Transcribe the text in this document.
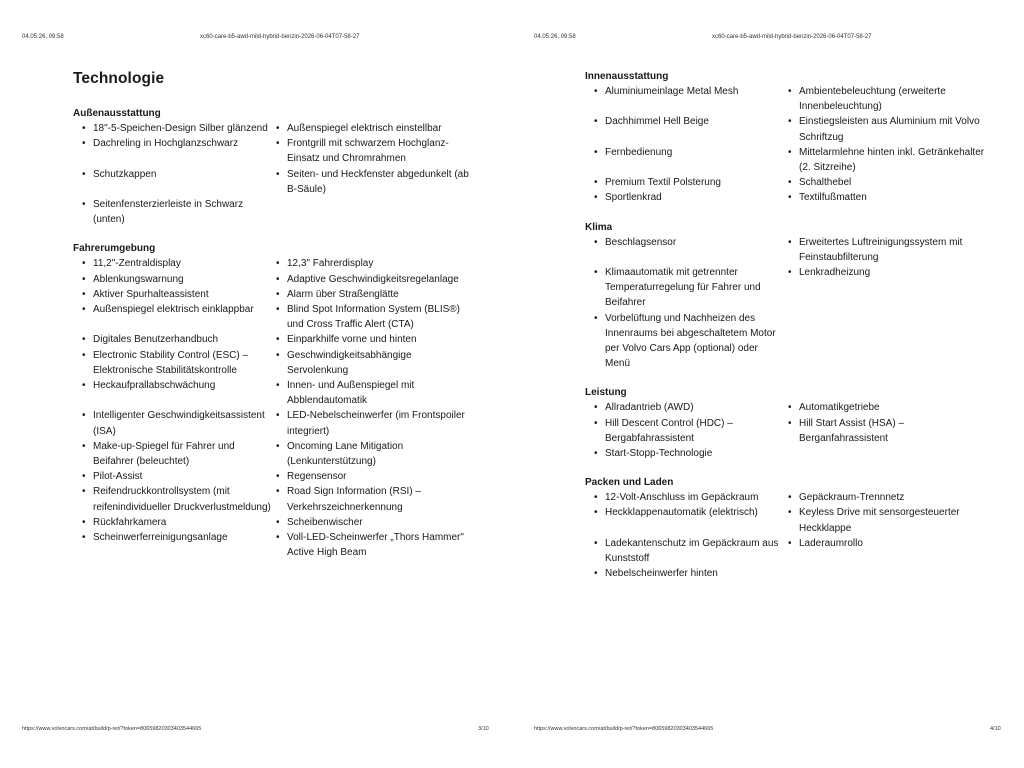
04.05.26, 09:58	xc60-care-b5-awd-mild-hybrid-benzin-2026-06-04T07-58-27
Technologie
Außenausstattung
• 18"-5-Speichen-Design Silber glänzend	• Außenspiegel elektrisch einstellbar
• Dachreling in Hochglanzschwarz	• Frontgrill mit schwarzem Hochglanz-Einsatz und Chromrahmen
• Schutzkappen	• Seiten- und Heckfenster abgedunkelt (ab B-Säule)
• Seitenfensterzierleiste in Schwarz (unten)
Fahrerumgebung
• 11,2"-Zentraldisplay	• 12,3" Fahrerdisplay
• Ablenkungswarnung	• Adaptive Geschwindigkeitsregelanlage
• Aktiver Spurhalteassistent	• Alarm über Straßenglätte
• Außenspiegel elektrisch einklappbar	• Blind Spot Information System (BLIS®) und Cross Traffic Alert (CTA)
• Digitales Benutzerhandbuch	• Einparkhilfe vorne und hinten
• Electronic Stability Control (ESC) – Elektronische Stabilitätskontrolle
• Geschwindigkeitsabhängige Servolenkung
• Heckaufprallabschwächung	• Innen- und Außenspiegel mit Abblendautomatik
• Intelligenter Geschwindigkeitsassistent (ISA)
• LED-Nebelscheinwerfer (im Frontspoiler integriert)
• Make-up-Spiegel für Fahrer und Beifahrer (beleuchtet)
• Oncoming Lane Mitigation (Lenkunterstützung)
• Pilot-Assist	• Regensensor
• Reifendruckkontrollsystem (mit reifenindividueller Druckverlustmeldung)
• Road Sign Information (RSI) – Verkehrszeichnerkennung
• Rückfahrkamera	• Scheibenwischer
• Scheinwerferreinigungsanlage	• Voll-LED-Scheinwerfer „Thors Hammer" Active High Beam
https://www.volvocars.com/at/build/p-ret/?token=80659820303403544665	3/10
04.05.26, 09:58	xc60-care-b5-awd-mild-hybrid-benzin-2026-06-04T07-58-27
Innenausstattung
• Aluminiumeinlage Metal Mesh	• Ambientebeleuchtung (erweiterte Innenbeleuchtung)
• Dachhimmel Hell Beige	• Einstiegsleisten aus Aluminium mit Volvo Schriftzug
• Fernbedienung	• Mittelarmlehne hinten inkl. Getränkehalter (2. Sitzreihe)
• Premium Textil Polsterung	• Schalthebel
• Sportlenkrad	• Textilfußmatten
Klima
• Beschlagsensor	• Erweitertes Luftreinigungssystem mit Feinstaubfilterung
• Klimaautomatik mit getrennter Temperaturregelung für Fahrer und Beifahrer
• Lenkradheizung
• Vorbelüftung und Nachheizen des Innenraums bei abgeschaltetem Motor per Volvo Cars App (optional) oder Menü
Leistung
• Allradantrieb (AWD)	• Automatikgetriebe
• Hill Descent Control (HDC) – Bergabfahrassistent
• Hill Start Assist (HSA) – Berganfahrassistent
• Start-Stopp-Technologie
Packen und Laden
• 12-Volt-Anschluss im Gepäckraum	• Gepäckraum-Trennnetz
• Heckklappenautomatik (elektrisch)	• Keyless Drive mit sensorgesteuerter Heckklappe
• Ladekantenschutz im Gepäckraum aus Kunststoff
• Laderaumrollo
• Nebelscheinwerfer hinten
https://www.volvocars.com/at/build/p-ret/?token=80659820303403544665	4/10
